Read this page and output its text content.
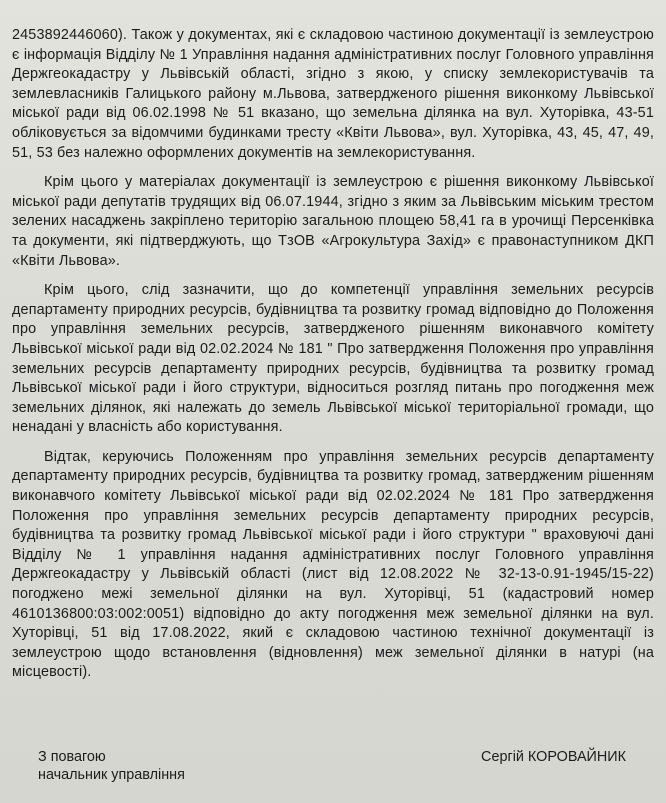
2453892446060). Також у документах, які є складовою частиною документації із землеустрою є інформація Відділу № 1 Управління надання адміністративних послуг Головного управління Держгеокадастру у Львівській області, згідно з якою, у списку землекористувачів та землевласників Галицького району м.Львова, затвердженого рішення виконкому Львівської міської ради від 06.02.1998 № 51 вказано, що земельна ділянка на вул. Хуторівка, 43-51 обліковується за відомчими будинками тресту «Квіти Львова», вул. Хуторівка, 43, 45, 47, 49, 51, 53 без належно оформлених документів на землекористування.

Крім цього у матеріалах документації із землеустрою є рішення виконкому Львівської міської ради депутатів трудящих від 06.07.1944, згідно з яким за Львівським міським трестом зелених насаджень закріплено територію загальною площею 58,41 га в урочищі Персенківка та документи, які підтверджують, що ТзОВ «Агрокультура Захід» є правонаступником ДКП «Квіти Львова».

Крім цього, слід зазначити, що до компетенції управління земельних ресурсів департаменту природних ресурсів, будівництва та розвитку громад відповідно до Положення про управління земельних ресурсів, затвердженого рішенням виконавчого комітету Львівської міської ради від 02.02.2024 № 181 " Про затвердження Положення про управління земельних ресурсів департаменту природних ресурсів, будівництва та розвитку громад Львівської міської ради і його структури, відноситься розгляд питань про погодження меж земельних ділянок, які належать до земель Львівської міської територіальної громади, що ненадані у власність або користування.

Відтак, керуючись Положенням про управління земельних ресурсів департаменту департаменту природних ресурсів, будівництва та розвитку громад, затвердженим рішенням виконавчого комітету Львівської міської ради від 02.02.2024 № 181 Про затвердження Положення про управління земельних ресурсів департаменту природних ресурсів, будівництва та розвитку громад Львівської міської ради і його структури " враховуючі дані Відділу № 1 управління надання адміністративних послуг Головного управління Держгеокадастру у Львівській області (лист від 12.08.2022 № 32-13-0.91-1945/15-22) погоджено межі земельної ділянки на вул. Хуторівці, 51 (кадастровий номер 4610136800:03:002:0051) відповідно до акту погодження меж земельної ділянки на вул. Хуторівці, 51 від 17.08.2022, який є складовою частиною технічної документації із землеустрою щодо встановлення (відновлення) меж земельної ділянки в натурі (на місцевості).

З повагою
начальник управління
Сергій КОРОВАЙНИК
